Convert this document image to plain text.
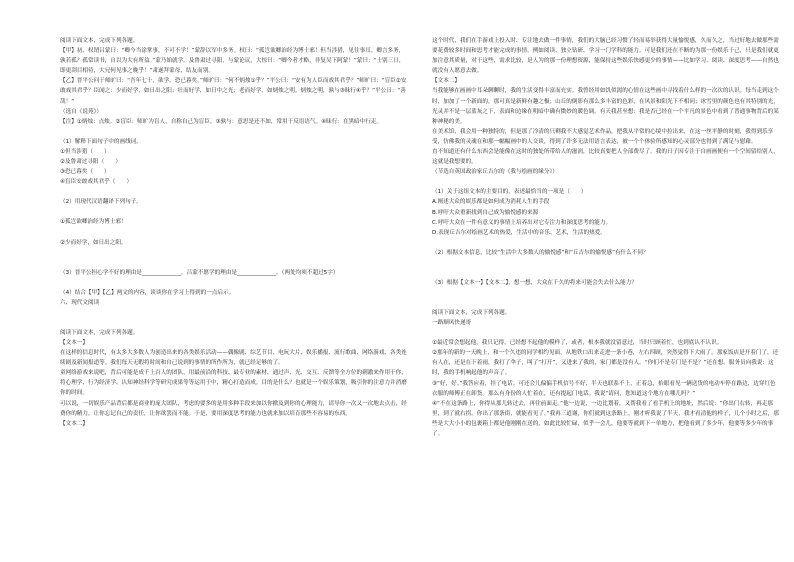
阅读下面文本，完成下列各题。

【甲】初，权谓吕蒙曰：“卿今当涂掌事，不可不学！”蒙辞以军中多务。权曰：“孤岂欲卿治经为博士邪！但当涉猎，见往事耳。卿言多务，孰若孤？孤常读书，自以为大有所益。”蒙乃始就学。及鲁肃过寻阳，与蒙论议，大惊曰：“卿今者才略，非复吴下阿蒙！”蒙曰：“士别三日，即更刮目相待，大兄何见事之晚乎！”肃遂拜蒙母，结友而别。

【乙】晋平公问于师旷曰：“吾年七十，欲学，恐已暮矣。”师旷曰：“何不炳烛①乎？”平公曰：“安有为人臣而戏其君乎？”师旷曰：“盲臣②安敢戏其君乎？臣闻之：少而好学，如日出之阳；壮而好学，如日中之光；老而好学，如炳烛之明。炳烛之明，孰与③昧行④乎？”平公曰：“善哉！”

（选自《说苑》）

【注】①炳烛：点烛。②盲臣：师旷为盲人，自称自己为盲臣。③孰与：意思是还不如，常用于反语语气。④昧行：在黑暗中行走。

（1）解释下面句子中的画线词。

①但当涉猎（　　）

②及鲁肃过寻阳（　　）

③恐已暮矣（　　）

④盲臣安敢戏其君乎（　　）

（2）用现代汉语翻译下列句子。

①孤岂欲卿治经为博士邪！

②少而好学，如日出之阳。

（3）晋平公担心学不好的理由是______________，吕蒙不愿学的理由是______________。（两处均须不超过5字）

（4）结合【甲】【乙】两文的内容，谈谈你在学习上得到的一点启示。

六、现代文阅读

阅读下面文本，完成下列各题。

【文本一】

在这样的信息时代，有太多大多数人为创造出来的各类娱乐活动——偶像剧、综艺节目、电玩大片、娱乐播报、流行歌曲、网络游戏、各类连续剧及新闻报道等。我们每天无暇将时间和自己说到的事情的所作所为，就已经足够的了。

童网络游戏来说吧，背后可能是成千上百人的团队，用最前沿的科技、最专业的素材，通过声、光、交互、反馈等全方位的刺激来作用于你，将心理学、行为经济学、认知神经科学等研究成果等等运用于中，精心打造而成。目的是什么？也就是一个娱乐策划，吸引你的注意力并消磨你的时间。

可以说，一切娱乐产品背后都是商业的庞大团队，考虑的要多的是用多种手段来加以你掀及到你的心理能力，请导你一次又一次地去点击，经费你的精力，让你忘记自己的责任，让你欲罢而不能。于是，要用深度思考的能力也就来加以培育那些不容易的东西。

【文本二】

这个时代，我们在手游戏上投入时、专注地去做一件事情，我们的大脑已经习惯了轻而易举获得大量愉悦感，久而久之，当过好地去做那些需要花费较多时间和思考才能完成的事情，例如阅读、独立钻研、学习一门学科的能力。可是我们还在不断的为那一份娱乐于己，只是我们就更加注意其质量，对于这些，需求比较，是人为的那一份理想资源，能保持这些娱乐快感更少的事情——比如学习、阅读、深度思考——自然也就没有人愿意去做。

【文本二】

当我能够在画画中耳朵聊聊时，我的生活变得丰富而充实。我曾经用如饥似渴的心情在这些画中寻找着什么样的一次次的认识。每当走到这个时，加加了一个新面的，那可真是新鲜有趣之极；山丘的倒影有那么多丰富的色彩，在风景和阳光下不相同；冰雪里的颜色也有其特别的光，光灵并不是一层蓝灰之下，表面和边缘在明暗中确有微妙的暖色调。有天我甚至想：我是否已经在一个平凡的景色中看到了普通事物背后的某种神秘的美。

在美术馆，我会用一种独特的，但是那了冷清的只剩我不大感觉艺术作品，把我从平常的心境中拉出来，在这一丝平静的时刻，我得到乐享受，仿佛我的灵魂在和那一幅幅画中的人交谈，得到了许多无法用语言表达，被一个个体验所感知的心灵部分也得到了满足与慰藉。

直不知道还有什么东西会是能像在这时的独处所带给人的滋润，比较真要把人全部费尽了。我的日子因专注于自画画便有一个空间留给别人，这就是我想要的。

（节选自英国政治家丘吉尔的《我与绘画的缘分》）

（1）关于这组文本的主要目的，表述最恰当的一项是（　　）

A.阐述大众的娱乐都是如何成为消耗人生的手段

B.呼吁大众重新找到自己成为愉悦感的来源

C.呼吁大众在一件有意义的事情上培养出对它专注力和深度思考的能力。

D.表现丘吉尔对绘画艺术的热爱，生活中的音乐、艺术，生活的热爱。

（2）根据文本信息，比较“生活中大多数人的愉悦感”和“丘吉尔的愉悦感”有什么不同？

（3）根据【文本一】【文本二】，想一想，大众在千久的将来可能会失去什么能力？

阅读下面文本，完成下列各题。

一路顺风快递哥

①最近常会想起他，我只记得，已经想不起他的模样了，或者，根本我就没留意过，当时只顾着忙，也到底认不认识。

②那年的新的一天晚上，和一个久违的同学相约见面，从地铁口出来走进一条小巷，左右四顾，突然觉得下大雨了。那家饭店是开着门了，还有人在，还是在下着雨，我打了伞子，叫了“打开”，又进来了我的，家门都是没有人。“你们不是专门是不是？”还在想。服务员向我说：这时，我的手机响起他的声音了。

③“好，好。”我答应着，挂了电话。可还会儿偏偏手机信号不好，半天也联系不上，正着急，抬眼看见一辆送货的电动车停在路边，边穿红色衣服的师傅正在卸货。那么有身份的人忙着在，还有提起门电话。我说“请问，您知道这个地方在哪儿吗？”

④“不在这条路上，你得从那儿转过去，再往前面走。”他一边说，一边比划着，又帮我看了看手机上的地址，然后说：“你出门右转，再走那里，到了就右拐，你出了那条街，就能看见了。”我再三道谢，你们就到这条路上。刚才听我说了半天，我才看清他的样子，几个小时之后，那些是大大小小的包裹箱上都是他刚刚在送的，如此比较忙碌，似乎一会儿，他要等就到下一单地方，把他看到了多少年，他要等多少年的事了。
